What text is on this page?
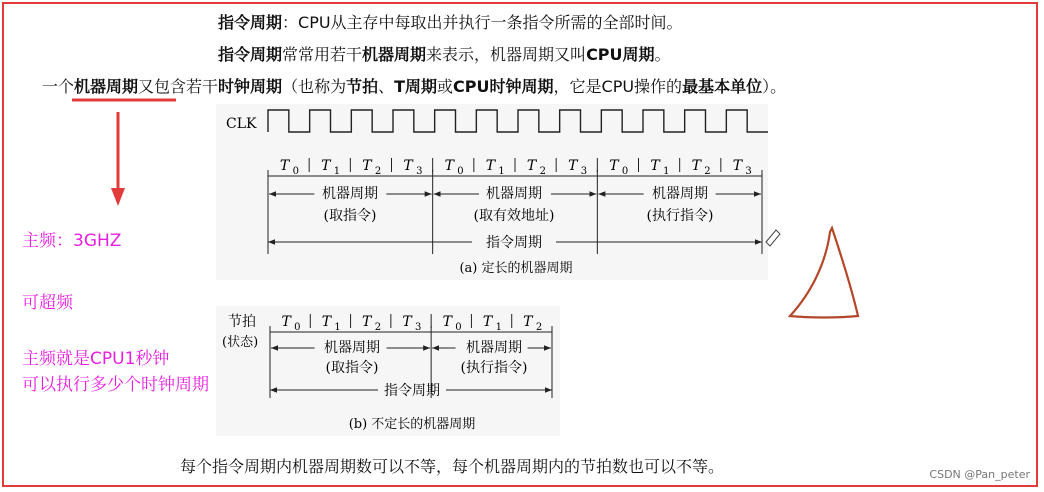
指令周期：CPU从主存中每取出并执行一条指令所需的全部时间。
指令周期常常用若干机器周期来表示，机器周期又叫CPU周期。
一个机器周期又包含若干时钟周期（也称为节拍、T周期或CPU时钟周期，它是CPU操作的最基本单位）。
主频：3GHZ
可超频
主频就是CPU1秒钟
可以执行多少个时钟周期
每个指令周期内机器周期数可以不等，每个机器周期内的节拍数也可以不等。	CSDN @Pan_peter
CLK
T 0 T 1 T 2 T 3 T 0 T 1 T 2 T 3 T 0 T 1 T 2 T 3
机器周期
(取指令)
机器周期
(取有效地址)
机器周期
(执行指令)
指令周期
(a) 定长的机器周期
节拍
(状态)
T 0 T 1 T 2 T 3 T 0 T 1 T 2
机器周期
(取指令)
机器周期
(执行指令)
指令周期
(b) 不定长的机器周期
